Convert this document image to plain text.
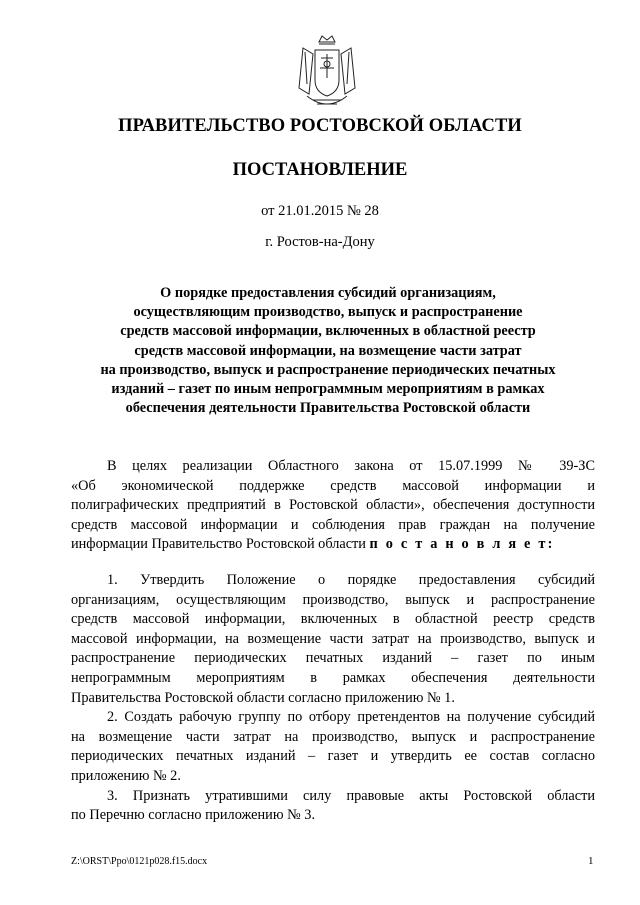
ПРАВИТЕЛЬСТВО РОСТОВСКОЙ ОБЛАСТИ
ПОСТАНОВЛЕНИЕ
от 21.01.2015 № 28
г. Ростов-на-Дону
О порядке предоставления субсидий организациям,
осуществляющим производство, выпуск и распространение
средств массовой информации, включенных в областной реестр
средств массовой информации, на возмещение части затрат
на производство, выпуск и распространение периодических печатных
изданий – газет по иным непрограммным мероприятиям в рамках
обеспечения деятельности Правительства Ростовской области
В целях реализации Областного закона от 15.07.1999 № 39-ЗС
«Об экономической поддержке средств массовой информации и
полиграфических предприятий в Ростовской области», обеспечения доступности
средств массовой информации и соблюдения прав граждан на получение
информации Правительство Ростовской области п о с т а н о в л я е т:
1. Утвердить Положение о порядке предоставления субсидий
организациям, осуществляющим производство, выпуск и распространение
средств массовой информации, включенных в областной реестр средств
массовой информации, на возмещение части затрат на производство, выпуск и
распространение периодических печатных изданий – газет по иным
непрограммным мероприятиям в рамках обеспечения деятельности
Правительства Ростовской области согласно приложению № 1.
2. Создать рабочую группу по отбору претендентов на получение субсидий
на возмещение части затрат на производство, выпуск и распространение
периодических печатных изданий – газет и утвердить ее состав согласно
приложению № 2.
3. Признать утратившими силу правовые акты Ростовской области
по Перечню согласно приложению № 3.
Z:\ORST\Ppo\0121p028.f15.docx	1
